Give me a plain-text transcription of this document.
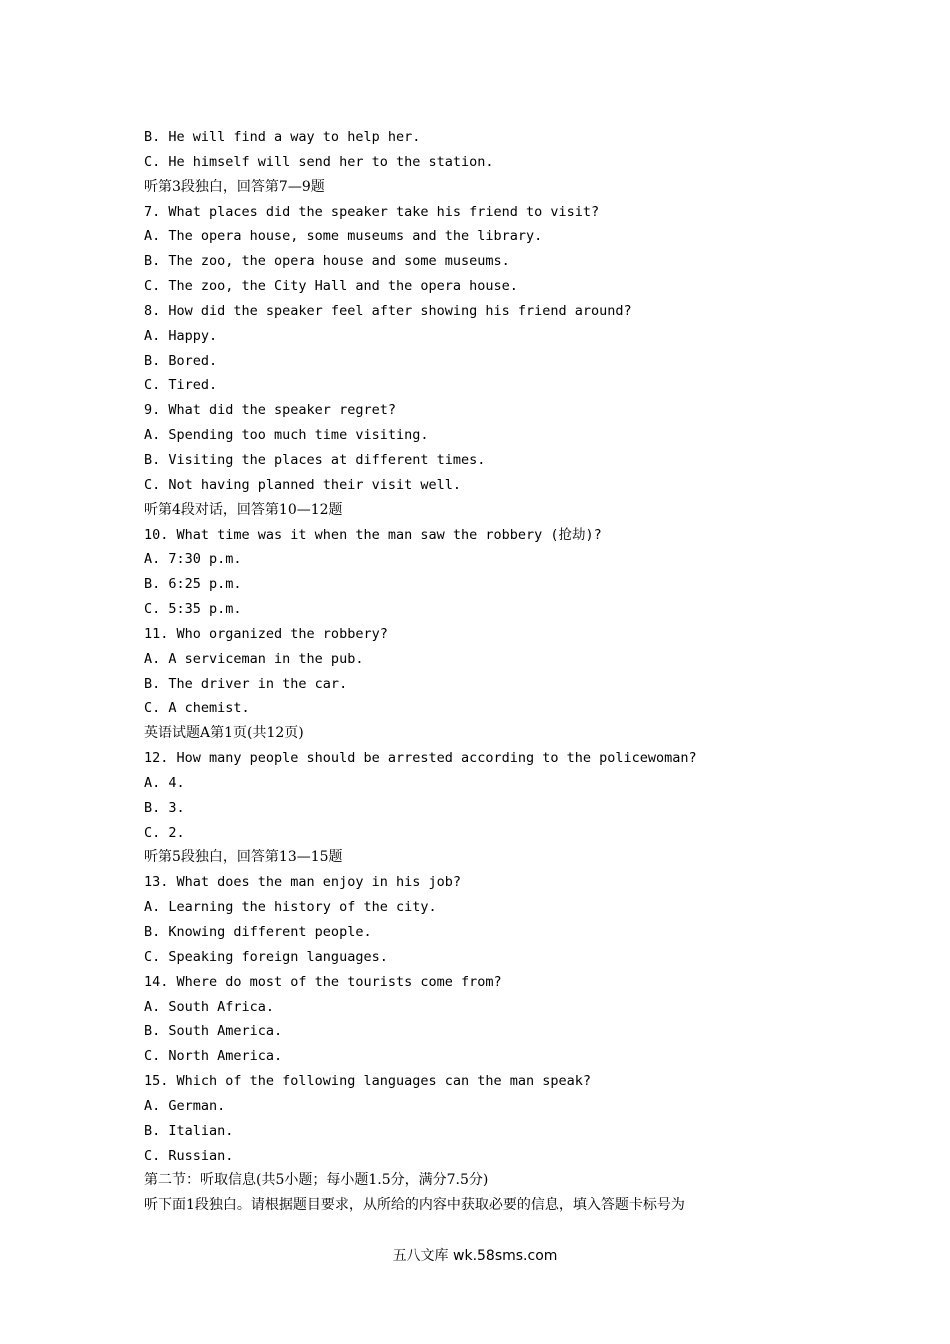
B. He will find a way to help her.
C. He himself will send her to the station.
听第3段独白，回答第7—9题
7. What places did the speaker take his friend to visit?
A. The opera house, some museums and the library.
B. The zoo, the opera house and some museums.
C. The zoo, the City Hall and the opera house.
8. How did the speaker feel after showing his friend around?
A. Happy.
B. Bored.
C. Tired.
9. What did the speaker regret?
A. Spending too much time visiting.
B. Visiting the places at different times.
C. Not having planned their visit well.
听第4段对话，回答第10—12题
10. What time was it when the man saw the robbery (抢劫)?
A. 7:30 p.m.
B. 6:25 p.m.
C. 5:35 p.m.
11. Who organized the robbery?
A. A serviceman in the pub.
B. The driver in the car.
C. A chemist.
英语试题A第1页(共12页)
12. How many people should be arrested according to the policewoman?
A. 4.
B. 3.
C. 2.
听第5段独白，回答第13—15题
13. What does the man enjoy in his job?
A. Learning the history of the city.
B. Knowing different people.
C. Speaking foreign languages.
14. Where do most of the tourists come from?
A. South Africa.
B. South America.
C. North America.
15. Which of the following languages can the man speak?
A. German.
B. Italian.
C. Russian.
第二节：听取信息(共5小题；每小题1.5分，满分7.5分)
听下面1段独白。请根据题目要求，从所给的内容中获取必要的信息，填入答题卡标号为
五八文库 wk.58sms.com
